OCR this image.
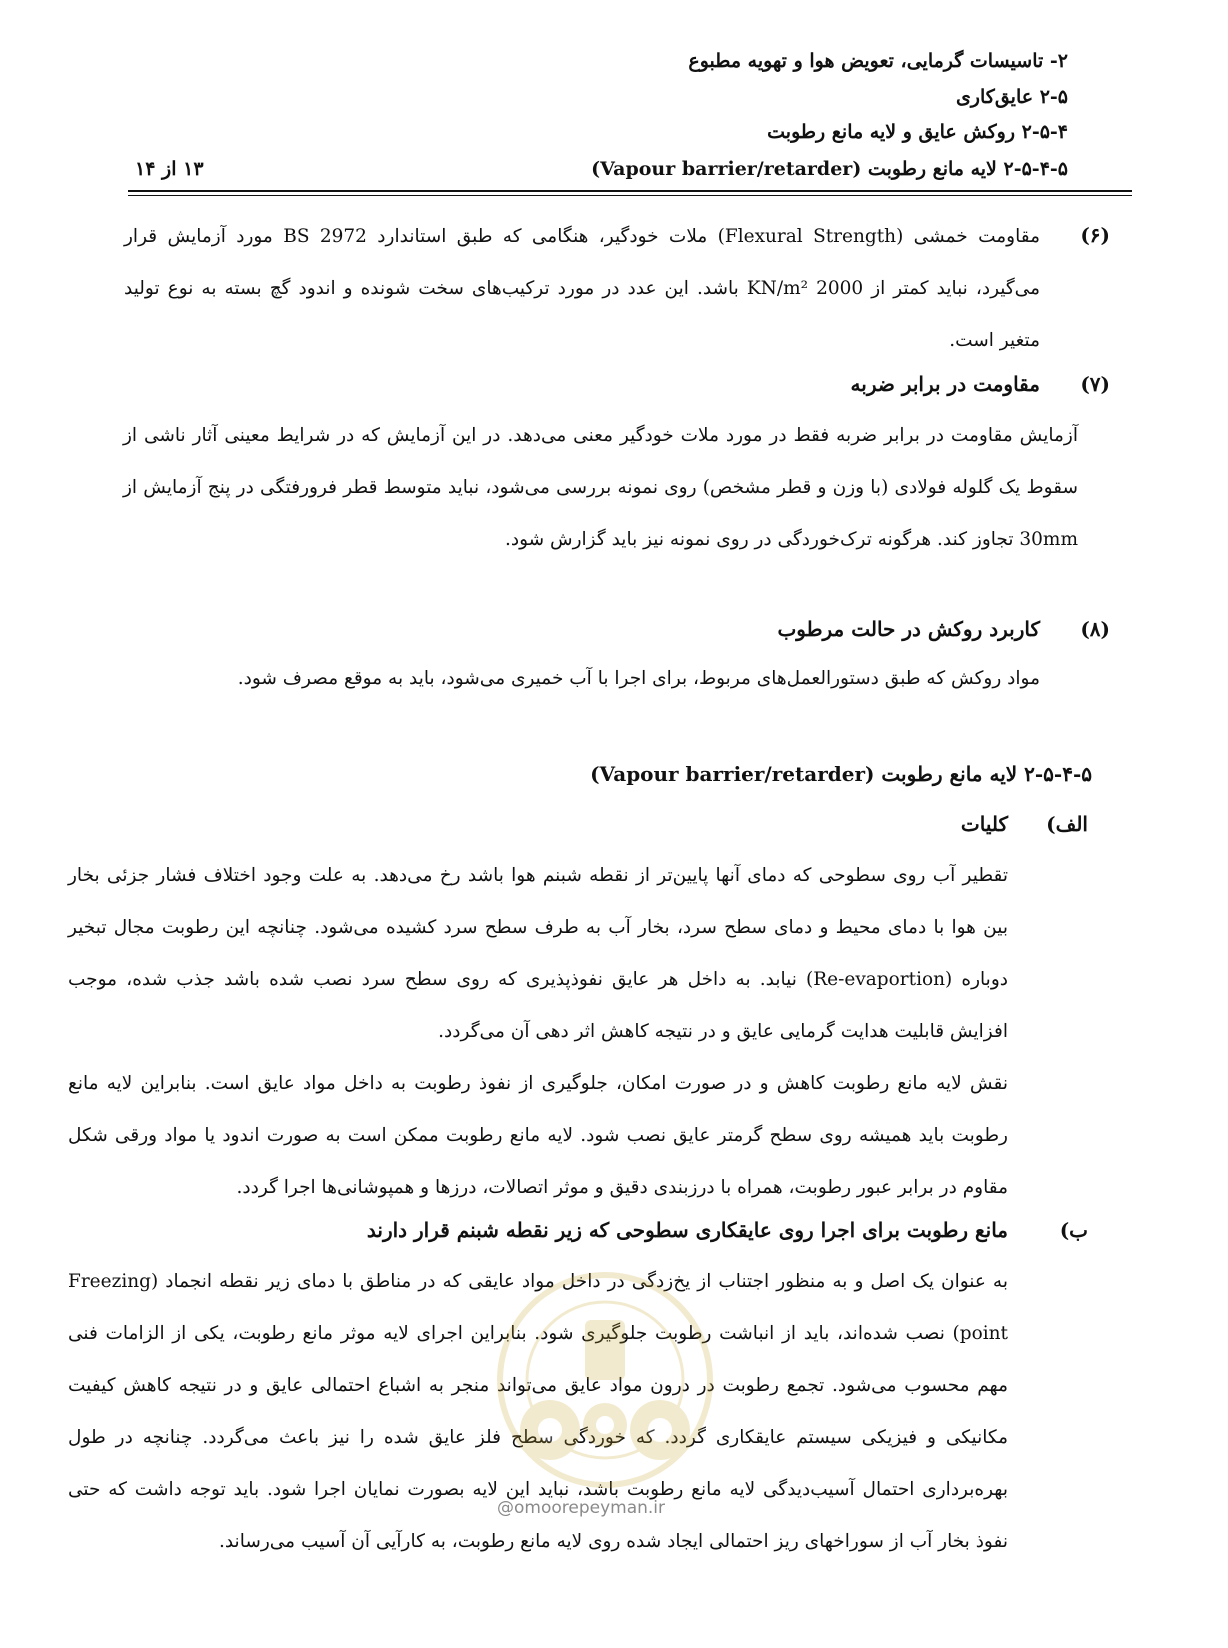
۲- تاسیسات گرمایی، تعویض هوا و تهویه مطبوع
۲-۵ عایق‌کاری
۲-۵-۴ روکش عایق و لایه مانع رطوبت
۲-۵-۴-۵ لایه مانع رطوبت (Vapour barrier/retarder)
۱۳ از ۱۴
(۶)
مقاومت خمشی (Flexural Strength) ملات خودگیر، هنگامی که طبق استاندارد BS 2972 مورد آزمایش قرار می‌گیرد، نباید کمتر از 2000 KN/m² باشد. این عدد در مورد ترکیب‌های سخت شونده و اندود گچ بسته به نوع تولید متغیر است.
(۷)
مقاومت در برابر ضربه
آزمایش مقاومت در برابر ضربه فقط در مورد ملات خودگیر معنی می‌دهد. در این آزمایش که در شرایط معینی آثار ناشی از سقوط یک گلوله فولادی (با وزن و قطر مشخص) روی نمونه بررسی می‌شود، نباید متوسط قطر فرورفتگی در پنج آزمایش از 30mm تجاوز کند. هرگونه ترک‌خوردگی در روی نمونه نیز باید گزارش شود.
(۸)
کاربرد روکش در حالت مرطوب
مواد روکش که طبق دستورالعمل‌های مربوط، برای اجرا با آب خمیری می‌شود، باید به موقع مصرف شود.
۲-۵-۴-۵ لایه مانع رطوبت (Vapour barrier/retarder)
الف)
کلیات
تقطیر آب روی سطوحی که دمای آنها پایین‌تر از نقطه شبنم هوا باشد رخ می‌دهد. به علت وجود اختلاف فشار جزئی بخار بین هوا با دمای محیط و دمای سطح سرد، بخار آب به طرف سطح سرد کشیده می‌شود. چنانچه این رطوبت مجال تبخیر دوباره (Re-evaportion) نیابد. به داخل هر عایق نفوذپذیری که روی سطح سرد نصب شده باشد جذب شده، موجب افزایش قابلیت هدایت گرمایی عایق و در نتیجه کاهش اثر دهی آن می‌گردد.
نقش لایه مانع رطوبت کاهش و در صورت امکان، جلوگیری از نفوذ رطوبت به داخل مواد عایق است. بنابراین لایه مانع رطوبت باید همیشه روی سطح گرمتر عایق نصب شود. لایه مانع رطوبت ممکن است به صورت اندود یا مواد ورقی شکل مقاوم در برابر عبور رطوبت، همراه با درزبندی دقیق و موثر اتصالات، درزها و همپوشانی‌ها اجرا گردد.
ب)
مانع رطوبت برای اجرا روی عایقکاری سطوحی که زیر نقطه شبنم قرار دارند
به عنوان یک اصل و به منظور اجتناب از یخ‌زدگی در داخل مواد عایقی که در مناطق با دمای زیر نقطه انجماد (Freezing point) نصب شده‌اند، باید از انباشت رطوبت جلوگیری شود. بنابراین اجرای لایه موثر مانع رطوبت، یکی از الزامات فنی مهم محسوب می‌شود. تجمع رطوبت در درون مواد عایق می‌تواند منجر به اشباع احتمالی عایق و در نتیجه کاهش کیفیت مکانیکی و فیزیکی سیستم عایقکاری گردد. که خوردگی سطح فلز عایق شده را نیز باعث می‌گردد. چنانچه در طول بهره‌برداری احتمال آسیب‌دیدگی لایه مانع رطوبت باشد، نباید این لایه بصورت نمایان اجرا شود. باید توجه داشت که حتی نفوذ بخار آب از سوراخهای ریز احتمالی ایجاد شده روی لایه مانع رطوبت، به کارآیی آن آسیب می‌رساند.
@omoorepeyman.ir
